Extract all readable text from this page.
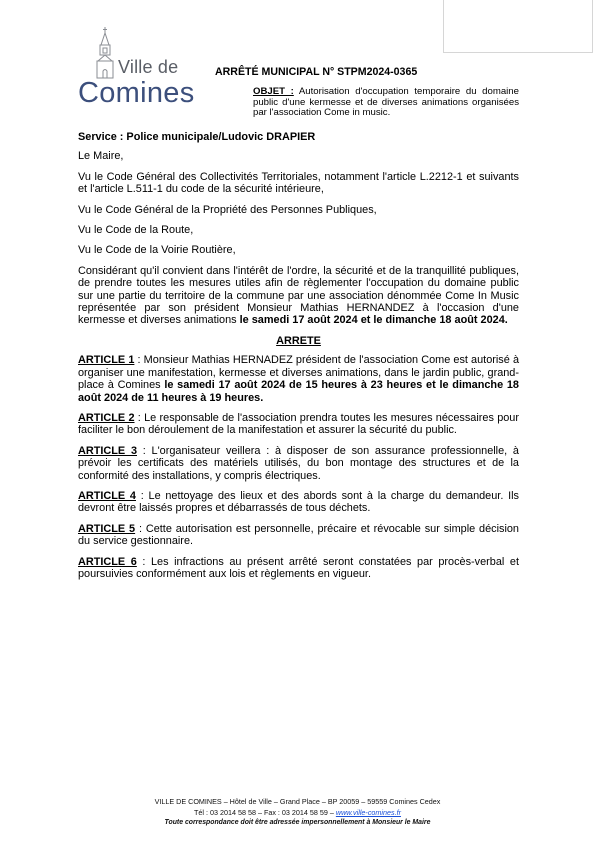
Ville de
Comines
ARRÊTÉ MUNICIPAL N° STPM2024-0365
OBJET : Autorisation d'occupation temporaire du domaine public d'une kermesse et de diverses animations organisées par l'association Come in music.

Service : Police municipale/Ludovic DRAPIER

Le Maire,

Vu le Code Général des Collectivités Territoriales, notamment l'article L.2212-1 et suivants et l'article L.511-1 du code de la sécurité intérieure,

Vu le Code Général de la Propriété des Personnes Publiques,

Vu le Code de la Route,

Vu le Code de la Voirie Routière,

Considérant qu'il convient dans l'intérêt de l'ordre, la sécurité et de la tranquillité publiques, de prendre toutes les mesures utiles afin de règlementer l'occupation du domaine public sur une partie du territoire de la commune par une association dénommée Come In Music représentée par son président Monsieur Mathias HERNANDEZ à l'occasion d'une kermesse et diverses animations le samedi 17 août 2024 et le dimanche 18 août 2024.

ARRETE

ARTICLE 1 : Monsieur Mathias HERNADEZ président de l'association Come est autorisé à organiser une manifestation, kermesse et diverses animations, dans le jardin public, grand-place à Comines le samedi 17 août 2024 de 15 heures à 23 heures et le dimanche 18 août 2024 de 11 heures à 19 heures.

ARTICLE 2 : Le responsable de l'association prendra toutes les mesures nécessaires pour faciliter le bon déroulement de la manifestation et assurer la sécurité du public.

ARTICLE 3 : L'organisateur veillera : à disposer de son assurance professionnelle, à prévoir les certificats des matériels utilisés, du bon montage des structures et de la conformité des installations, y compris électriques.

ARTICLE 4 : Le nettoyage des lieux et des abords sont à la charge du demandeur. Ils devront être laissés propres et débarrassés de tous déchets.

ARTICLE 5 : Cette autorisation est personnelle, précaire et révocable sur simple décision du service gestionnaire.

ARTICLE 6 : Les infractions au présent arrêté seront constatées par procès-verbal et poursuivies conformément aux lois et règlements en vigueur.

VILLE DE COMINES – Hôtel de Ville – Grand Place – BP 20059 – 59559 Comines Cedex
Tél : 03 2014 58 58 – Fax : 03 2014 58 59 – www.ville-comines.fr
Toute correspondance doit être adressée impersonnellement à Monsieur le Maire
